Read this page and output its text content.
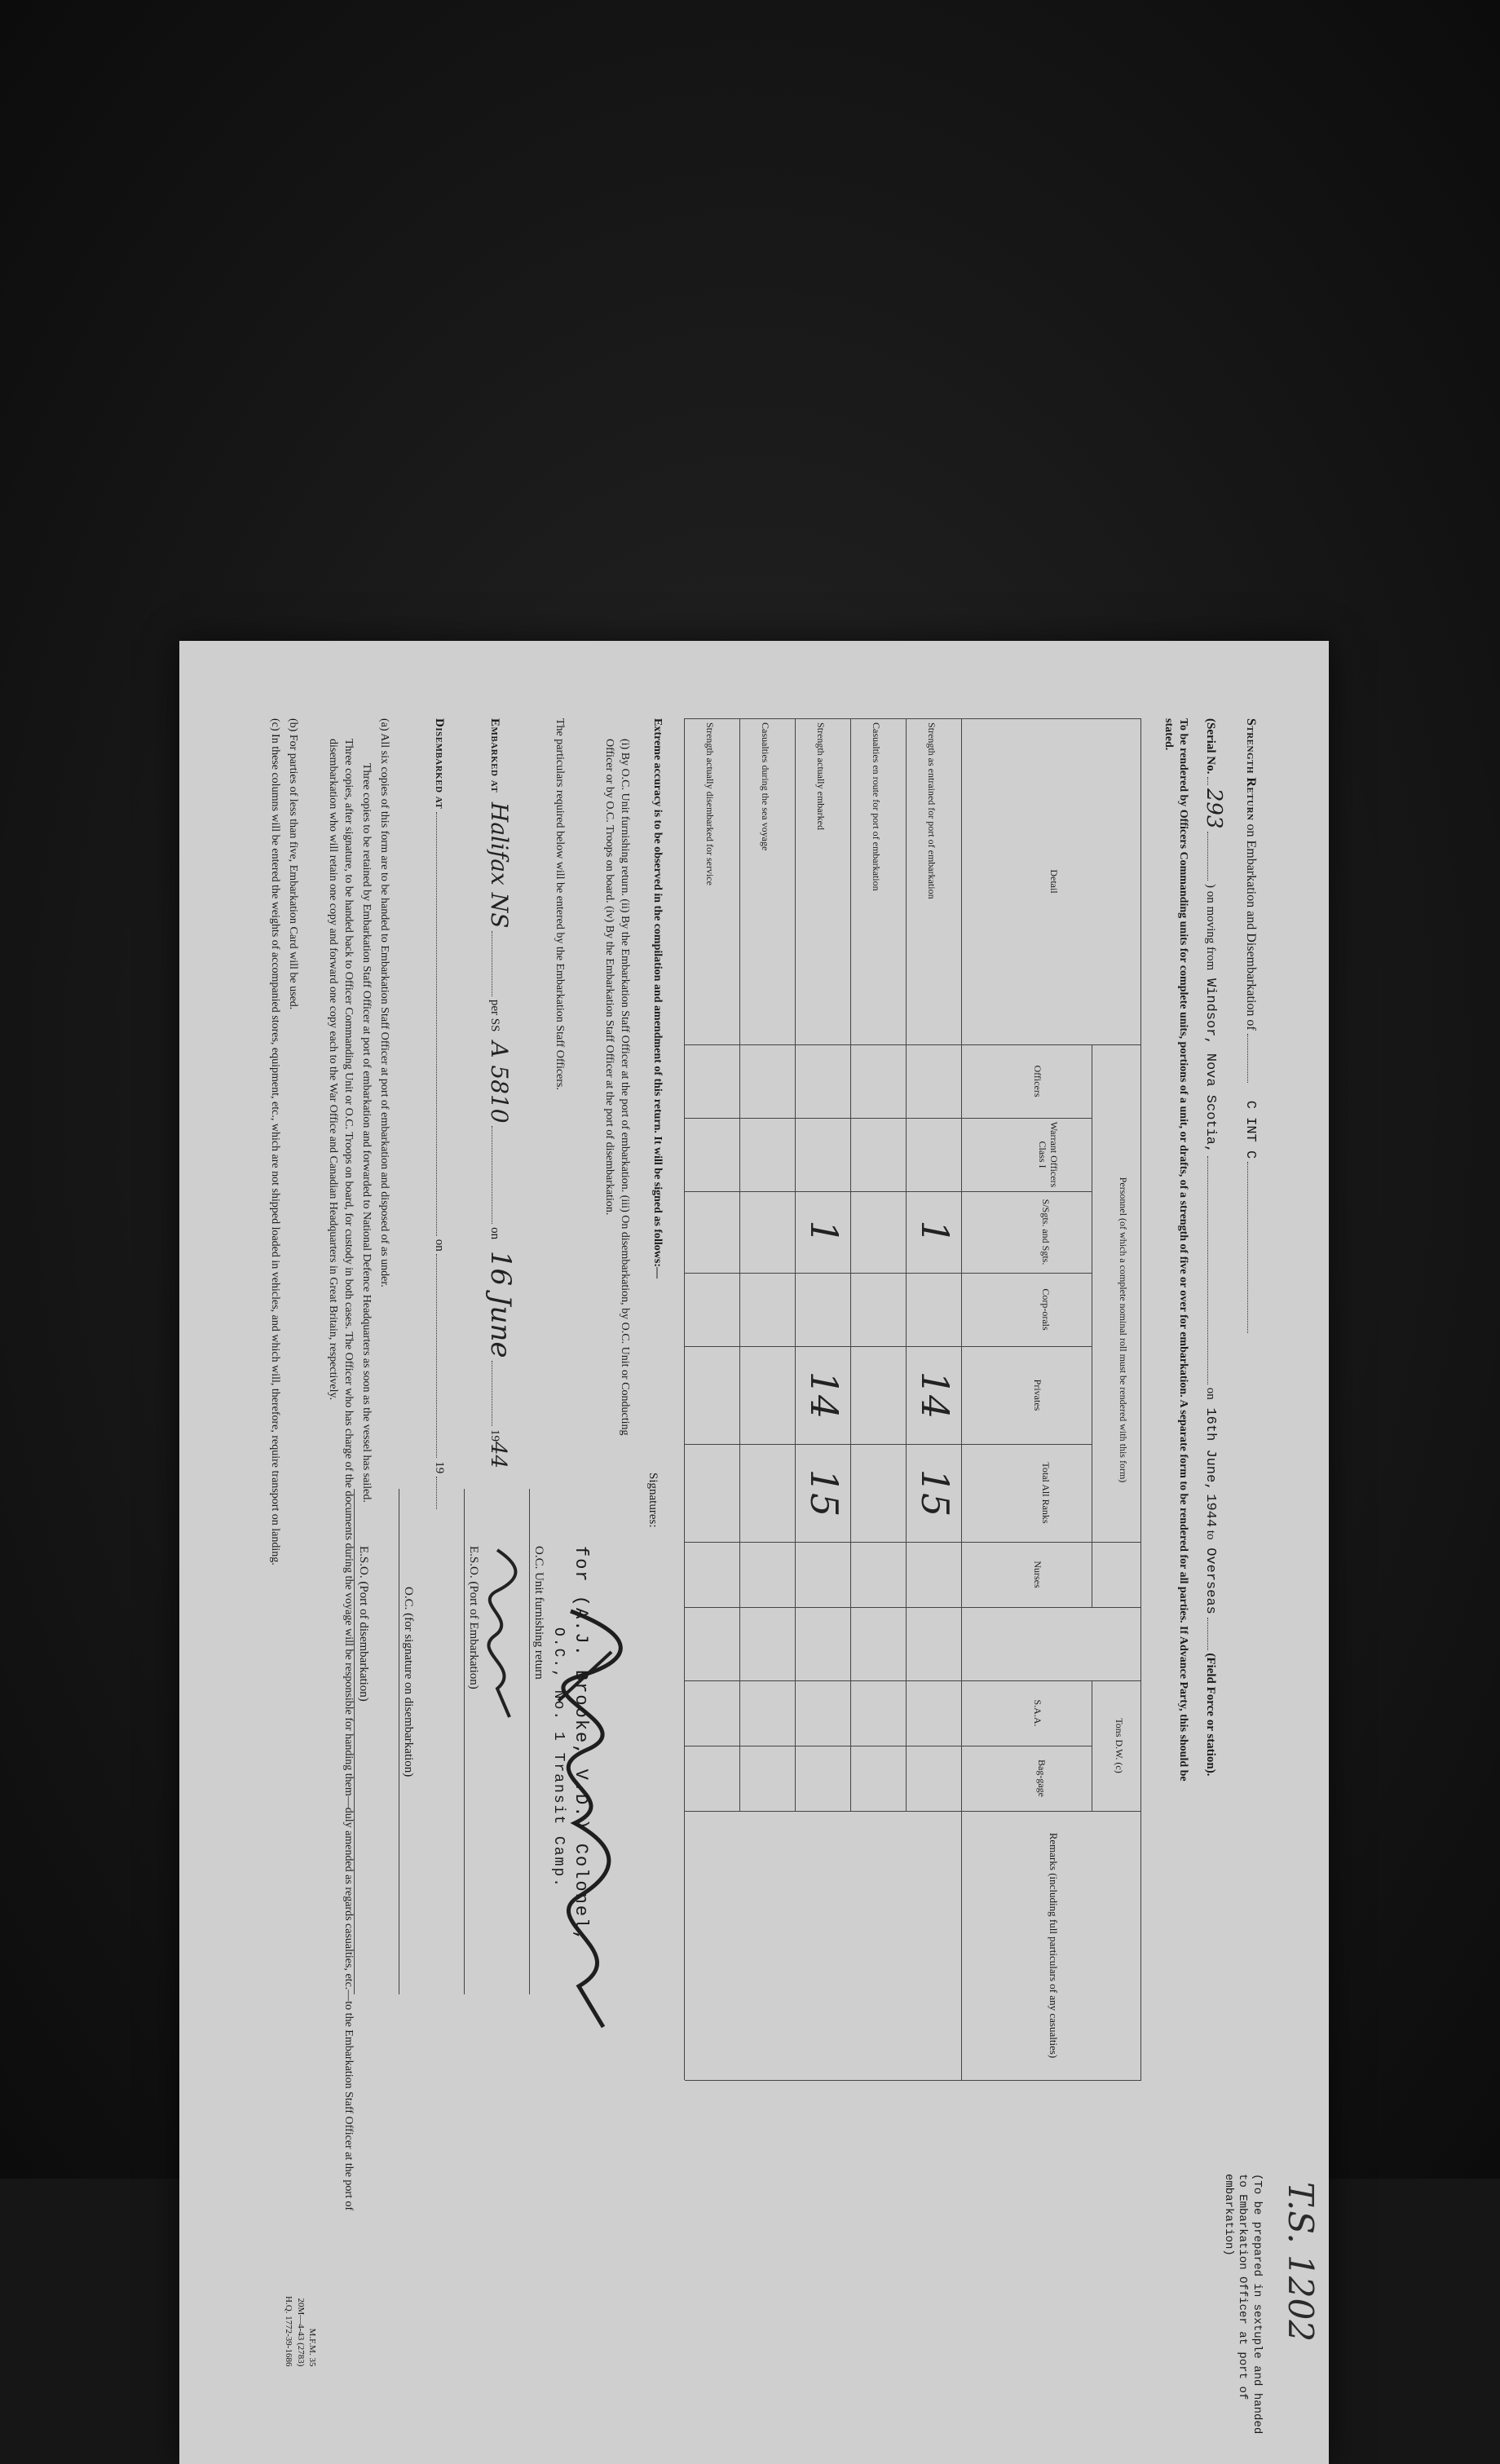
T.S. 1202
Strength Return on Embarkation and Disembarkation of  C INT C
(To be prepared in sextuple and handed to Embarkation Officer at port of embarkation)
(Serial No.  293  ) on moving from Windsor, Nova Scotia,  on 16th June, 1944 to Overseas  (Field Force or station).
To be rendered by Officers Commanding units for complete units, portions of a unit, or drafts, of a strength of five or over for embarkation. A separate form to be rendered for all parties. If Advance Party, this should be stated.
Detail
Personnel (of which a complete nominal roll must be rendered with this form)
Officers
Warrant Officers Class I
S/Sgts. and Sgts.
Corp-orals
Privates
Total All Ranks
Nurses
S.A.A.
Bag-gage
Tons D.W. (c)
Remarks (including full particulars of any casualties)
Strength as entrained for port of embarkation
Casualties en route for port of embarkation
Strength actually embarked
Casualties during the sea voyage
Strength actually disembarked for service
1
14
15
1
14
15
Signatures:
for (A.J. Brooke, V.D.) Colonel,
O.C., No. 1 Transit Camp.
O.C. Unit furnishing return
E.S.O. (Port of Embarkation)
O.C. (for signature on disembarkation)
E.S.O. (Port of disembarkation)
Extreme accuracy is to be observed in the compilation and amendment of this return. It will be signed as follows:—
(i) By O.C. Unit furnishing return. (ii) By the Embarkation Staff Officer at the port of embarkation. (iii) On disembarkation, by O.C. Unit or Conducting Officer or by O.C. Troops on board. (iv) By the Embarkation Staff Officer at the port of disembarkation.
The particulars required below will be entered by the Embarkation Staff Officers.
Embarked at Halifax NS  per SS A 5810  on 16 June  1944
Disembarked at  on  19
(a) All six copies of this form are to be handed to Embarkation Staff Officer at port of embarkation and disposed of as under.
Three copies to be retained by Embarkation Staff Officer at port of embarkation and forwarded to National Defence Headquarters as soon as the vessel has sailed.
Three copies, after signature, to be handed back to Officer Commanding Unit or O.C. Troops on board, for custody in both cases. The Officer who has charge of the documents during the voyage will be responsible for handing them—duly amended as regards casualties, etc.—to the Embarkation Staff Officer at the port of disembarkation who will retain one copy and forward one copy each to the War Office and Canadian Headquarters in Great Britain, respectively.
(b) For parties of less than five, Embarkation Card will be used.
(c) In these columns will be entered the weights of accompanied stores, equipment, etc., which are not shipped loaded in vehicles, and which will, therefore, require transport on landing.
M.F.M. 35
20M—4-43 (2783)
H.Q. 1772-39-1686
